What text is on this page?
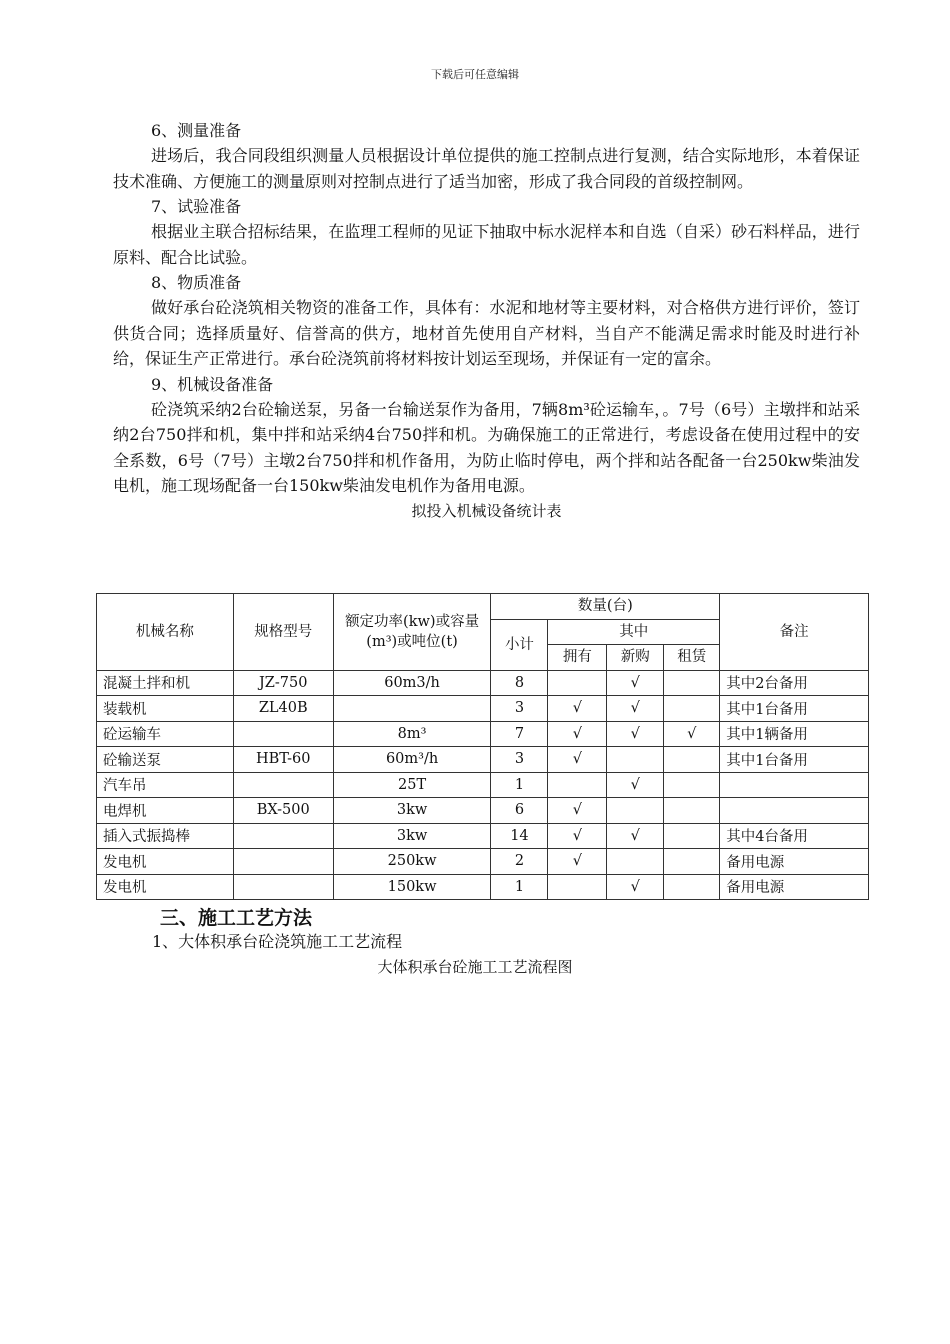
下载后可任意编辑

6、测量准备

进场后，我合同段组织测量人员根据设计单位提供的施工控制点进行复测，结合实际地形，本着保证技术准确、方便施工的测量原则对控制点进行了适当加密，形成了我合同段的首级控制网。

7、试验准备

根据业主联合招标结果，在监理工程师的见证下抽取中标水泥样本和自选（自采）砂石料样品，进行原料、配合比试验。

8、物质准备

做好承台砼浇筑相关物资的准备工作，具体有：水泥和地材等主要材料，对合格供方进行评价，签订供货合同；选择质量好、信誉高的供方，地材首先使用自产材料，当自产不能满足需求时能及时进行补给，保证生产正常进行。承台砼浇筑前将材料按计划运至现场，并保证有一定的富余。

9、机械设备准备

砼浇筑采纳2台砼输送泵，另备一台输送泵作为备用，7辆8m³砼运输车，。7号（6号）主墩拌和站采纳2台750拌和机，集中拌和站采纳4台750拌和机。为确保施工的正常进行，考虑设备在使用过程中的安全系数，6号（7号）主墩2台750拌和机作备用，为防止临时停电，两个拌和站各配备一台250kw柴油发电机，施工现场配备一台150kw柴油发电机作为备用电源。

拟投入机械设备统计表

机械名称	规格型号	额定功率(kw)或容量(m³)或吨位(t)	数量(台)				备注
			小计	其中			
				拥有	新购	租赁	
混凝土拌和机	JZ-750	60m3/h	8		√		其中2台备用
装载机	ZL40B		3	√	√		其中1台备用
砼运输车		8m³	7	√	√	√	其中1辆备用
砼输送泵	HBT-60	60m³/h	3	√			其中1台备用
汽车吊		25T	1		√		
电焊机	BX-500	3kw	6	√			
插入式振捣棒		3kw	14	√	√		其中4台备用
发电机		250kw	2	√			备用电源
发电机		150kw	1		√		备用电源

三、施工工艺方法

1、大体积承台砼浇筑施工工艺流程

大体积承台砼施工工艺流程图
